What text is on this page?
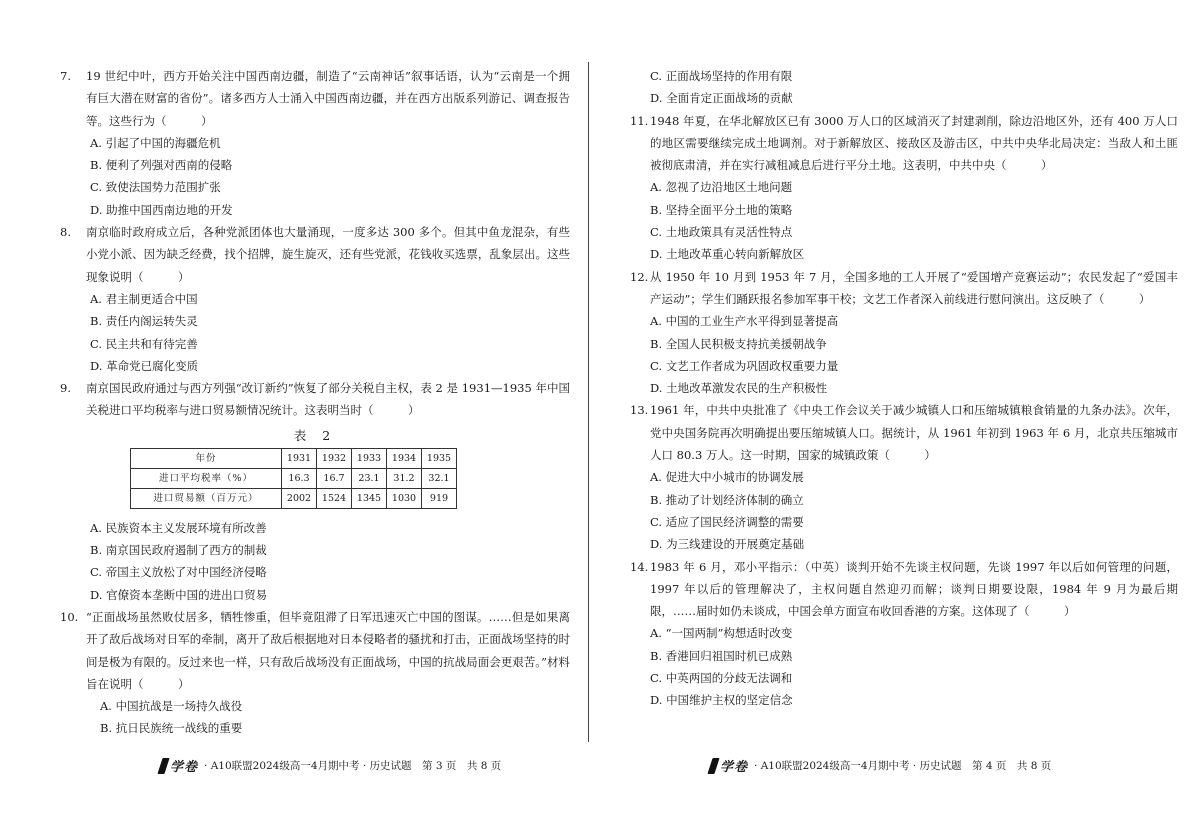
7.	19 世纪中叶，西方开始关注中国西南边疆，制造了“云南神话”叙事话语，认为“云南是一个拥有巨大潜在财富的省份”。诸多西方人士涌入中国西南边疆，并在西方出版系列游记、调查报告等。这些行为（　　　）
A. 引起了中国的海疆危机
B. 便利了列强对西南的侵略
C. 致使法国势力范围扩张
D. 助推中国西南边地的开发
8.	南京临时政府成立后，各种党派团体也大量涌现，一度多达 300 多个。但其中鱼龙混杂，有些小党小派、因为缺乏经费，找个招牌，旋生旋灭，还有些党派，花钱收买选票，乱象层出。这些现象说明（　　　）
A. 君主制更适合中国
B. 责任内阁运转失灵
C. 民主共和有待完善
D. 革命党已腐化变质
9.	南京国民政府通过与西方列强“改订新约”恢复了部分关税自主权，表 2 是 1931—1935 年中国关税进口平均税率与进口贸易额情况统计。这表明当时（　　　）
表 2
年份	1931	1932	1933	1934	1935
进口平均税率（%）	16.3	16.7	23.1	31.2	32.1
进口贸易额（百万元）	2002	1524	1345	1030	919
A. 民族资本主义发展环境有所改善
B. 南京国民政府遏制了西方的制裁
C. 帝国主义放松了对中国经济侵略
D. 官僚资本垄断中国的进出口贸易
10. “正面战场虽然败仗居多，牺牲惨重，但毕竟阻滞了日军迅速灭亡中国的图谋。……但是如果离开了敌后战场对日军的牵制，离开了敌后根据地对日本侵略者的骚扰和打击，正面战场坚持的时间是极为有限的。反过来也一样，只有敌后战场没有正面战场，中国的抗战局面会更艰苦。”材料旨在说明（　　　）
A. 中国抗战是一场持久战役
B. 抗日民族统一战线的重要
学卷 · A10联盟2024级高一4月期中考 · 历史试题　第 3 页　共 8 页
C. 正面战场坚持的作用有限
D. 全面肯定正面战场的贡献
11. 1948 年夏，在华北解放区已有 3000 万人口的区域消灭了封建剥削，除边沿地区外，还有 400 万人口的地区需要继续完成土地调剂。对于新解放区、接敌区及游击区，中共中央华北局决定：当敌人和土匪被彻底肃清，并在实行减租减息后进行平分土地。这表明，中共中央（　　　）
A. 忽视了边沿地区土地问题
B. 坚持全面平分土地的策略
C. 土地政策具有灵活性特点
D. 土地改革重心转向新解放区
12. 从 1950 年 10 月到 1953 年 7 月，全国多地的工人开展了“爱国增产竞赛运动”；农民发起了“爱国丰产运动”；学生们踊跃报名参加军事干校；文艺工作者深入前线进行慰问演出。这反映了（　　　）
A. 中国的工业生产水平得到显著提高
B. 全国人民积极支持抗美援朝战争
C. 文艺工作者成为巩固政权重要力量
D. 土地改革激发农民的生产积极性
13. 1961 年，中共中央批准了《中央工作会议关于减少城镇人口和压缩城镇粮食销量的九条办法》。次年，党中央国务院再次明确提出要压缩城镇人口。据统计，从 1961 年初到 1963 年 6 月，北京共压缩城市人口 80.3 万人。这一时期，国家的城镇政策（　　　）
A. 促进大中小城市的协调发展
B. 推动了计划经济体制的确立
C. 适应了国民经济调整的需要
D. 为三线建设的开展奠定基础
14. 1983 年 6 月，邓小平指示：（中英）谈判开始不先谈主权问题，先谈 1997 年以后如何管理的问题，1997 年以后的管理解决了，主权问题自然迎刃而解；谈判日期要设限，1984 年 9 月为最后期限，……届时如仍未谈成，中国会单方面宣布收回香港的方案。这体现了（　　　）
A. “一国两制”构想适时改变
B. 香港回归祖国时机已成熟
C. 中英两国的分歧无法调和
D. 中国维护主权的坚定信念
学卷 · A10联盟2024级高一4月期中考 · 历史试题　第 4 页　共 8 页
